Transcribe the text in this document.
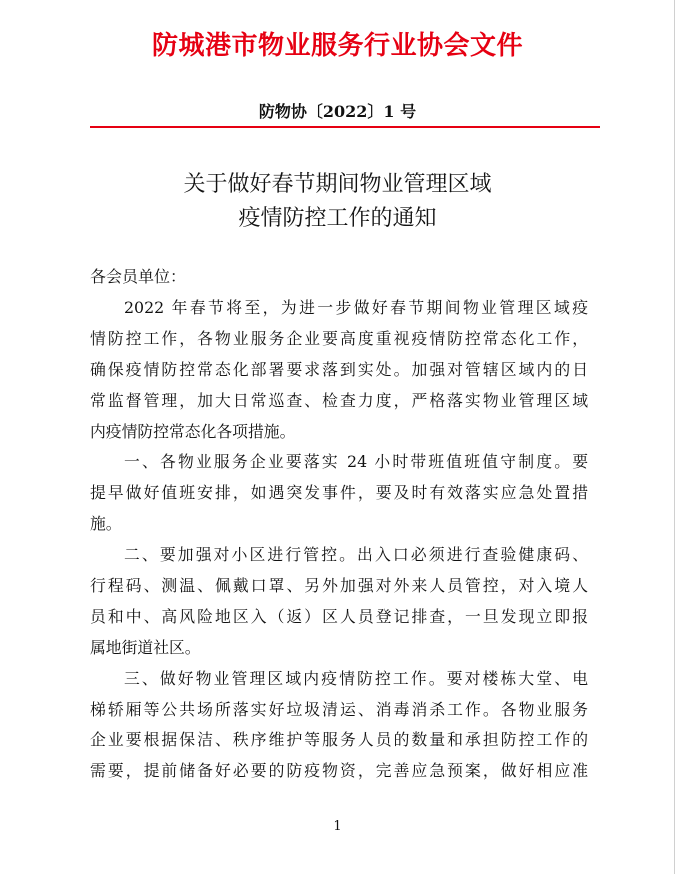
防城港市物业服务行业协会文件
防物协〔2022〕1 号
关于做好春节期间物业管理区域
疫情防控工作的通知
各会员单位：
2022 年春节将至，为进一步做好春节期间物业管理区域疫
情防控工作，各物业服务企业要高度重视疫情防控常态化工作，
确保疫情防控常态化部署要求落到实处。加强对管辖区域内的日
常监督管理，加大日常巡查、检查力度，严格落实物业管理区域
内疫情防控常态化各项措施。
一、各物业服务企业要落实 24 小时带班值班值守制度。要
提早做好值班安排，如遇突发事件，要及时有效落实应急处置措
施。
二、要加强对小区进行管控。出入口必须进行查验健康码、
行程码、测温、佩戴口罩、另外加强对外来人员管控，对入境人
员和中、高风险地区入（返）区人员登记排查，一旦发现立即报
属地街道社区。
三、做好物业管理区域内疫情防控工作。要对楼栋大堂、电
梯轿厢等公共场所落实好垃圾清运、消毒消杀工作。各物业服务
企业要根据保洁、秩序维护等服务人员的数量和承担防控工作的
需要，提前储备好必要的防疫物资，完善应急预案，做好相应准
1
